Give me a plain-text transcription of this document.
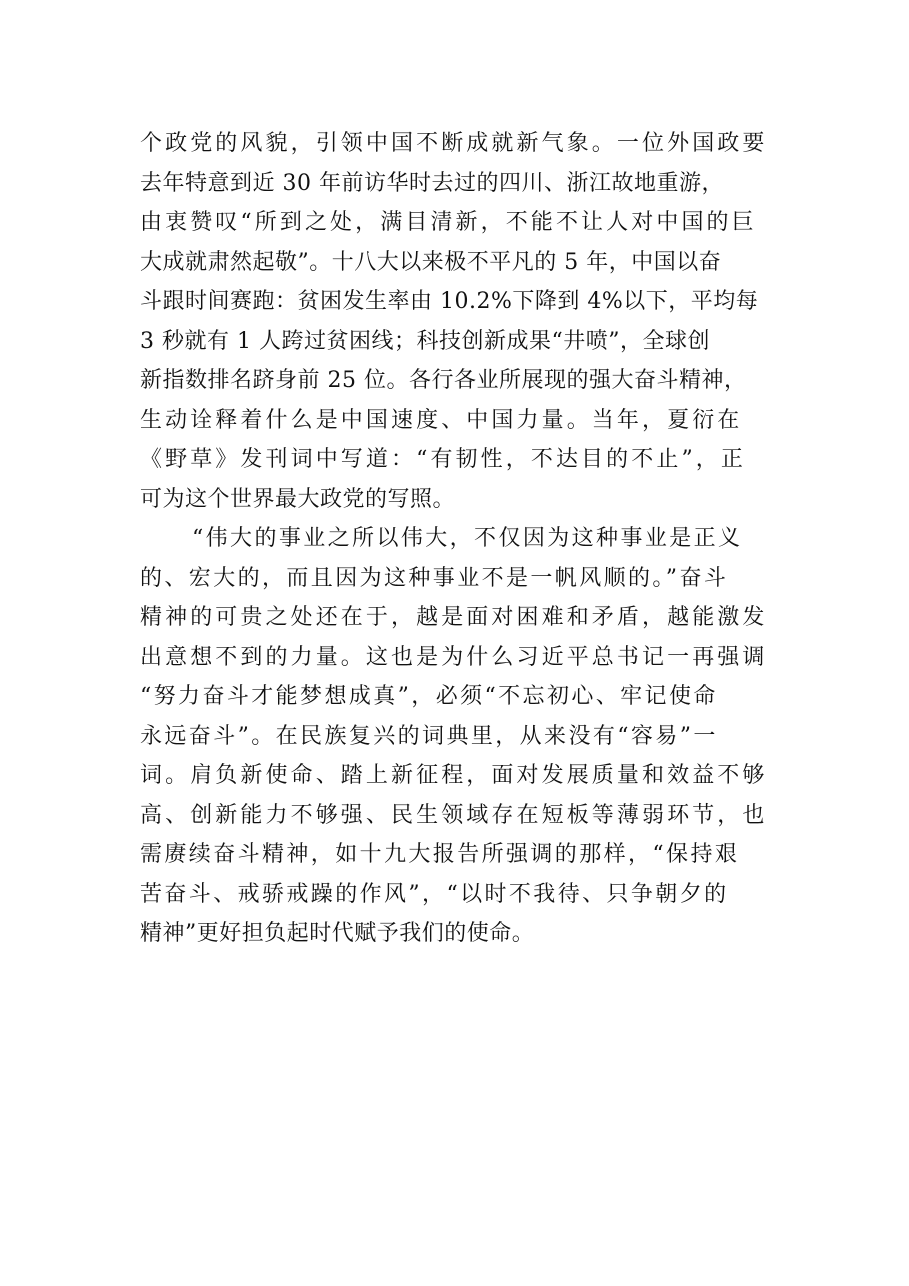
个政党的风貌，引领中国不断成就新气象。一位外国政要
去年特意到近 30 年前访华时去过的四川、浙江故地重游，
由衷赞叹“所到之处，满目清新，不能不让人对中国的巨
大成就肃然起敬”。十八大以来极不平凡的 5 年，中国以奋
斗跟时间赛跑：贫困发生率由 10.2%下降到 4%以下，平均每
3 秒就有 1 人跨过贫困线；科技创新成果“井喷”，全球创
新指数排名跻身前 25 位。各行各业所展现的强大奋斗精神，
生动诠释着什么是中国速度、中国力量。当年，夏衍在
《野草》发刊词中写道：“有韧性，不达目的不止”，正
可为这个世界最大政党的写照。
“伟大的事业之所以伟大，不仅因为这种事业是正义
的、宏大的，而且因为这种事业不是一帆风顺的。”奋斗
精神的可贵之处还在于，越是面对困难和矛盾，越能激发
出意想不到的力量。这也是为什么习近平总书记一再强调
“努力奋斗才能梦想成真”，必须“不忘初心、牢记使命
永远奋斗”。在民族复兴的词典里，从来没有“容易”一
词。肩负新使命、踏上新征程，面对发展质量和效益不够
高、创新能力不够强、民生领域存在短板等薄弱环节，也
需赓续奋斗精神，如十九大报告所强调的那样，“保持艰
苦奋斗、戒骄戒躁的作风”，“以时不我待、只争朝夕的
精神”更好担负起时代赋予我们的使命。
